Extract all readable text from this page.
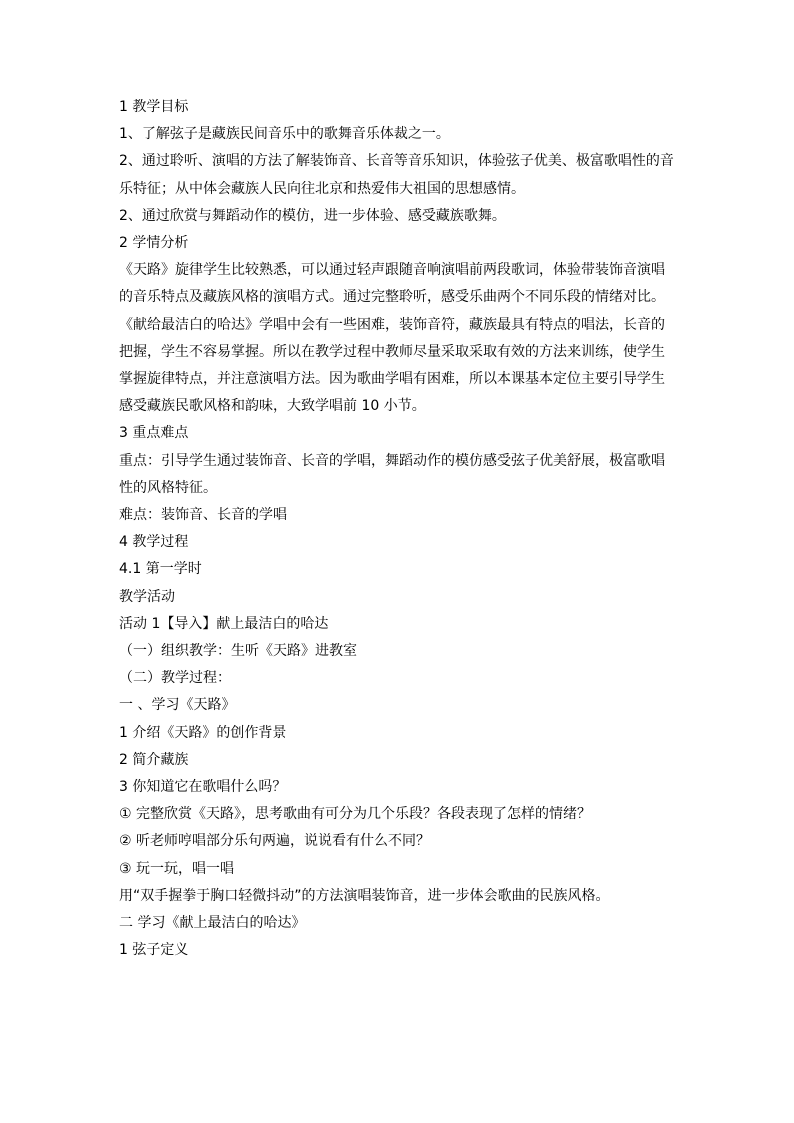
1 教学目标

1、了解弦子是藏族民间音乐中的歌舞音乐体裁之一。

2、通过聆听、演唱的方法了解装饰音、长音等音乐知识，体验弦子优美、极富歌唱性的音

乐特征；从中体会藏族人民向往北京和热爱伟大祖国的思想感情。

2、通过欣赏与舞蹈动作的模仿，进一步体验、感受藏族歌舞。

2 学情分析

《天路》旋律学生比较熟悉，可以通过轻声跟随音响演唱前两段歌词，体验带装饰音演唱

的音乐特点及藏族风格的演唱方式。通过完整聆听，感受乐曲两个不同乐段的情绪对比。

《献给最洁白的哈达》学唱中会有一些困难，装饰音符，藏族最具有特点的唱法，长音的

把握，学生不容易掌握。所以在教学过程中教师尽量采取采取有效的方法来训练，使学生

掌握旋律特点，并注意演唱方法。因为歌曲学唱有困难，所以本课基本定位主要引导学生

感受藏族民歌风格和韵味，大致学唱前 10 小节。

3 重点难点

重点：引导学生通过装饰音、长音的学唱，舞蹈动作的模仿感受弦子优美舒展，极富歌唱

性的风格特征。

难点：装饰音、长音的学唱

4 教学过程

4.1 第一学时

教学活动

活动 1【导入】献上最洁白的哈达

（一）组织教学：生听《天路》进教室

（二）教学过程：

一 、学习《天路》

1 介绍《天路》的创作背景

2 简介藏族

3 你知道它在歌唱什么吗？

① 完整欣赏《天路》，思考歌曲有可分为几个乐段？各段表现了怎样的情绪？

② 听老师哼唱部分乐句两遍，说说看有什么不同？

③ 玩一玩，唱一唱

用“双手握拳于胸口轻微抖动”的方法演唱装饰音，进一步体会歌曲的民族风格。

二 学习《献上最洁白的哈达》

1 弦子定义
